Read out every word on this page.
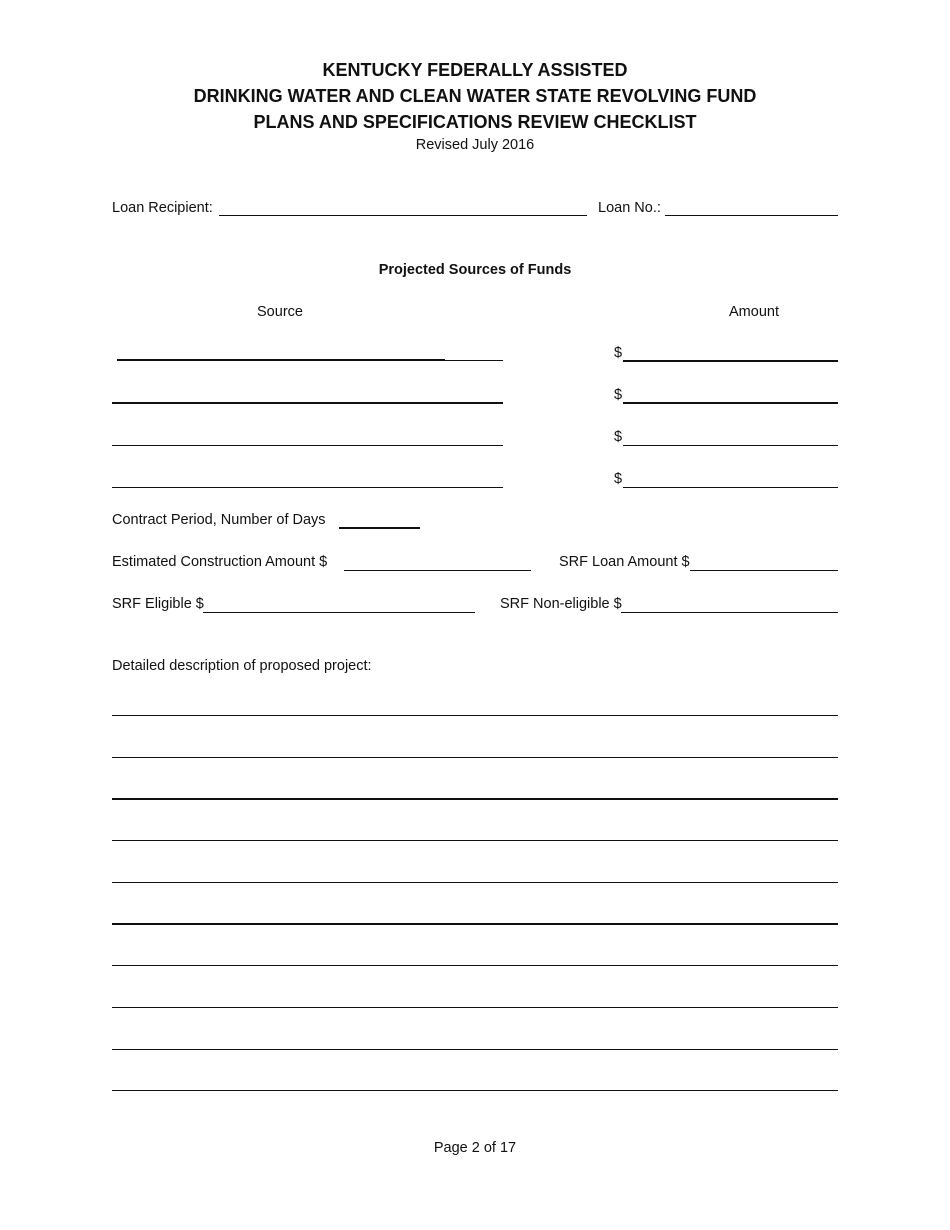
KENTUCKY FEDERALLY ASSISTED
DRINKING WATER AND CLEAN WATER STATE REVOLVING FUND
PLANS AND SPECIFICATIONS REVIEW CHECKLIST
Revised July 2016
Loan Recipient:	Loan No.:
Projected Sources of Funds
Source	Amount
$
$
$
$
Contract Period, Number of Days
Estimated Construction Amount $	SRF Loan Amount $
SRF Eligible $	SRF Non-eligible $
Detailed description of proposed project:
Page 2 of 17
